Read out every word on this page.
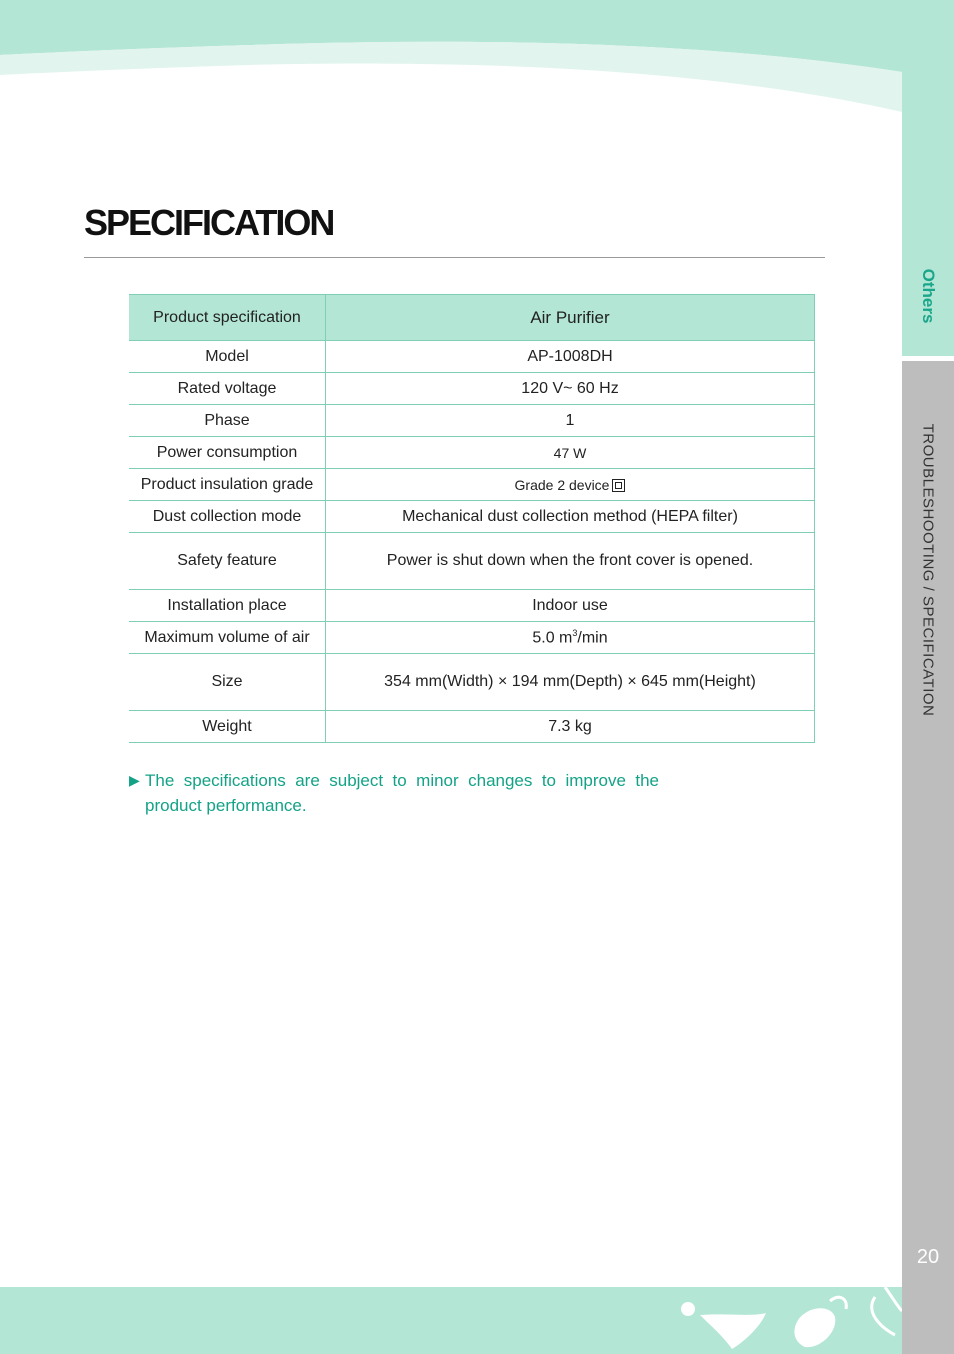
Others
TROUBLESHOOTING / SPECIFICATION
20
SPECIFICATION
Product specification	Air Purifier
Model	AP-1008DH
Rated voltage	120 V~ 60 Hz
Phase	1
Power consumption	47 W
Product insulation grade	Grade 2 device
Dust collection mode	Mechanical dust collection method (HEPA filter)
Safety feature	Power is shut down when the front cover is opened.
Installation place	Indoor use
Maximum volume of air	5.0 $m^3/\min$
Size	354 mm(Width) × 194 mm(Depth) × 645 mm(Height)
Weight	7.3 kg
▶ The specifications are subject to minor changes to improve the product performance.
